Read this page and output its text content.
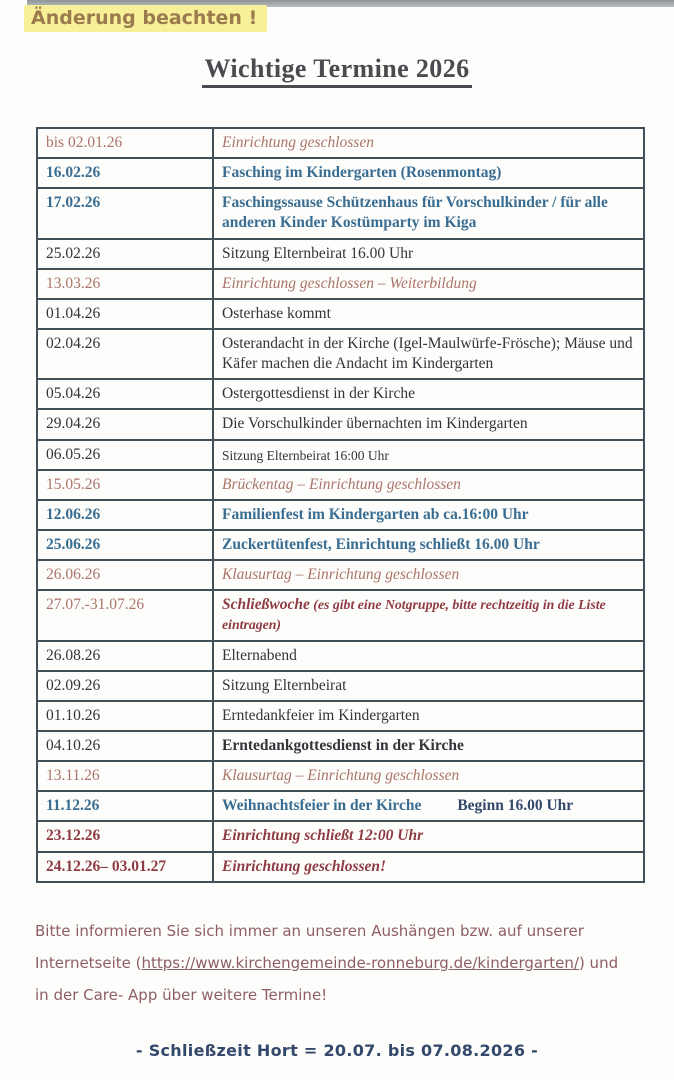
Änderung beachten !
Wichtige Termine 2026
bis 02.01.26	Einrichtung geschlossen
16.02.26	Fasching im Kindergarten (Rosenmontag)
17.02.26	Faschingssause Schützenhaus für Vorschulkinder / für alle anderen Kinder Kostümparty im Kiga
25.02.26	Sitzung Elternbeirat 16.00 Uhr
13.03.26	Einrichtung geschlossen – Weiterbildung
01.04.26	Osterhase kommt
02.04.26	Osterandacht in der Kirche (Igel-Maulwürfe-Frösche); Mäuse und Käfer machen die Andacht im Kindergarten
05.04.26	Ostergottesdienst in der Kirche
29.04.26	Die Vorschulkinder übernachten im Kindergarten
06.05.26	Sitzung Elternbeirat 16:00 Uhr
15.05.26	Brückentag – Einrichtung geschlossen
12.06.26	Familienfest im Kindergarten ab ca.16:00 Uhr
25.06.26	Zuckertütenfest, Einrichtung schließt 16.00 Uhr
26.06.26	Klausurtag – Einrichtung geschlossen
27.07.-31.07.26	Schließwoche (es gibt eine Notgruppe, bitte rechtzeitig in die Liste eintragen)
26.08.26	Elternabend
02.09.26	Sitzung Elternbeirat
01.10.26	Erntedankfeier im Kindergarten
04.10.26	Erntedankgottesdienst in der Kirche
13.11.26	Klausurtag – Einrichtung geschlossen
11.12.26	Weihnachtsfeier in der Kirche Beginn 16.00 Uhr
23.12.26	Einrichtung schließt 12:00 Uhr
24.12.26– 03.01.27	Einrichtung geschlossen!
Bitte informieren Sie sich immer an unseren Aushängen bzw. auf unserer
Internetseite (https://www.kirchengemeinde-ronneburg.de/kindergarten/) und
in der Care- App über weitere Termine!
- Schließzeit Hort = 20.07. bis 07.08.2026 -
